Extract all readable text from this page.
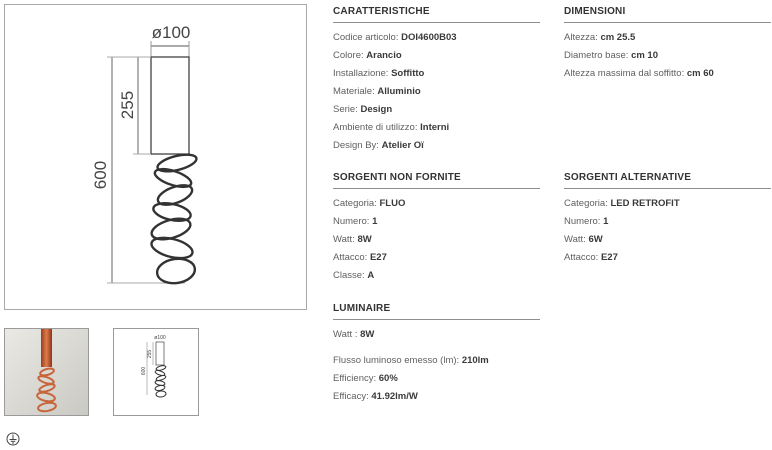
ø100
255
600
ø100
255
600
CARATTERISTICHE
Codice articolo: DOI4600B03
Colore: Arancio
Installazione: Soffitto
Materiale: Alluminio
Serie: Design
Ambiente di utilizzo: Interni
Design By: Atelier Oï
DIMENSIONI
Altezza: cm 25.5
Diametro base: cm 10
Altezza massima dal soffitto: cm 60
SORGENTI NON FORNITE
Categoria: FLUO
Numero: 1
Watt: 8W
Attacco: E27
Classe: A
SORGENTI ALTERNATIVE
Categoria: LED RETROFIT
Numero: 1
Watt: 6W
Attacco: E27
LUMINAIRE
Watt : 8W
Flusso luminoso emesso (lm): 210lm
Efficiency: 60%
Efficacy: 41.92lm/W
